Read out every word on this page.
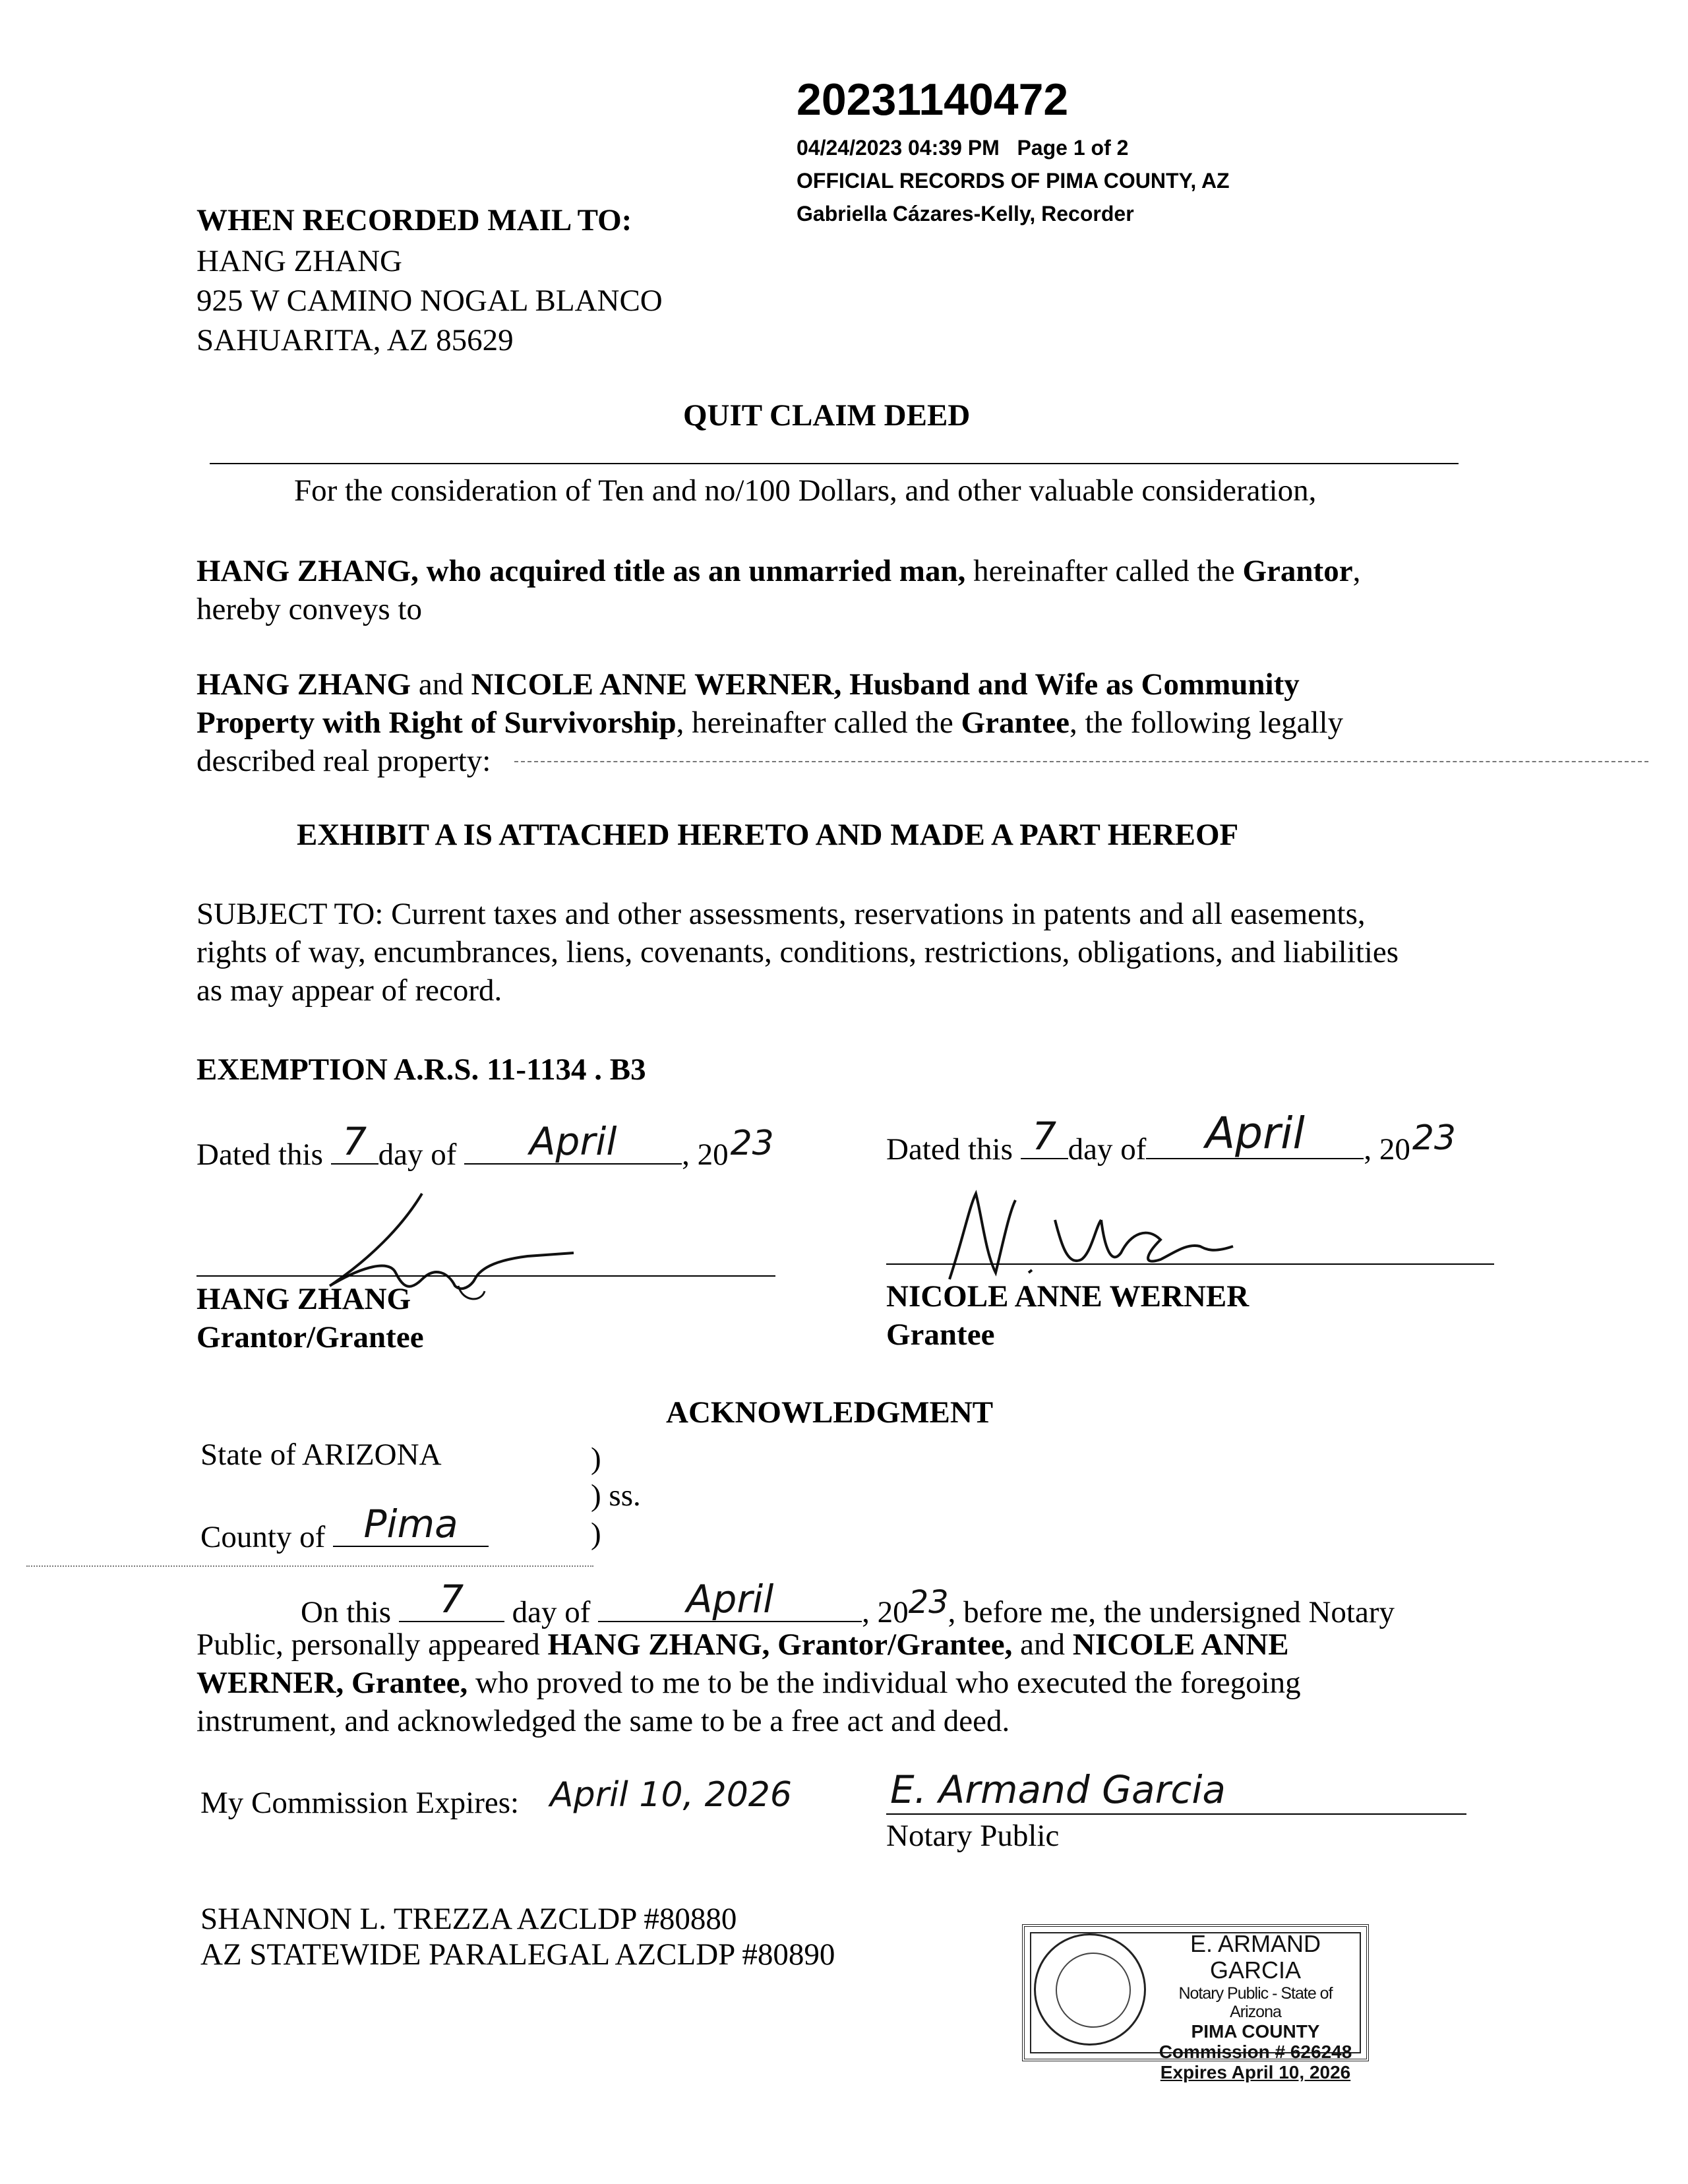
20231140472
04/24/2023 04:39 PM Page 1 of 2
OFFICIAL RECORDS OF PIMA COUNTY, AZ
Gabriella Cázares-Kelly, Recorder
WHEN RECORDED MAIL TO:
HANG ZHANG
925 W CAMINO NOGAL BLANCO
SAHUARITA, AZ 85629
QUIT CLAIM DEED
For the consideration of Ten and no/100 Dollars, and other valuable consideration,
HANG ZHANG, who acquired title as an unmarried man, hereinafter called the Grantor,
hereby conveys to
HANG ZHANG and NICOLE ANNE WERNER, Husband and Wife as Community
Property with Right of Survivorship, hereinafter called the Grantee, the following legally
described real property:
EXHIBIT A IS ATTACHED HERETO AND MADE A PART HEREOF
SUBJECT TO: Current taxes and other assessments, reservations in patents and all easements,
rights of way, encumbrances, liens, covenants, conditions, restrictions, obligations, and liabilities
as may appear of record.
EXEMPTION A.R.S. 11-1134 . B3
Dated this 7 day of	April	, 20 23	Dated this 7 day of	April	, 20 23
HANG ZHANG
Grantor/Grantee
NICOLE ANNE WERNER
Grantee
ACKNOWLEDGMENT
State of ARIZONA	)
) ss.
County of	Pima	)
On this	7	day of	April	, 20 23
, before me, the undersigned Notary
Public, personally appeared HANG ZHANG, Grantor/Grantee, and NICOLE ANNE
WERNER, Grantee, who proved to me to be the individual who executed the foregoing
instrument, and acknowledged the same to be a free act and deed.
My Commission Expires: April 10, 2026	E. Armand Garcia
Notary Public
SHANNON L. TREZZA AZCLDP #80880
AZ STATEWIDE PARALEGAL AZCLDP #80890	E. ARMAND GARCIA
Notary Public - State of Arizona
PIMA COUNTY
Commission # 626248
Expires April 10, 2026
